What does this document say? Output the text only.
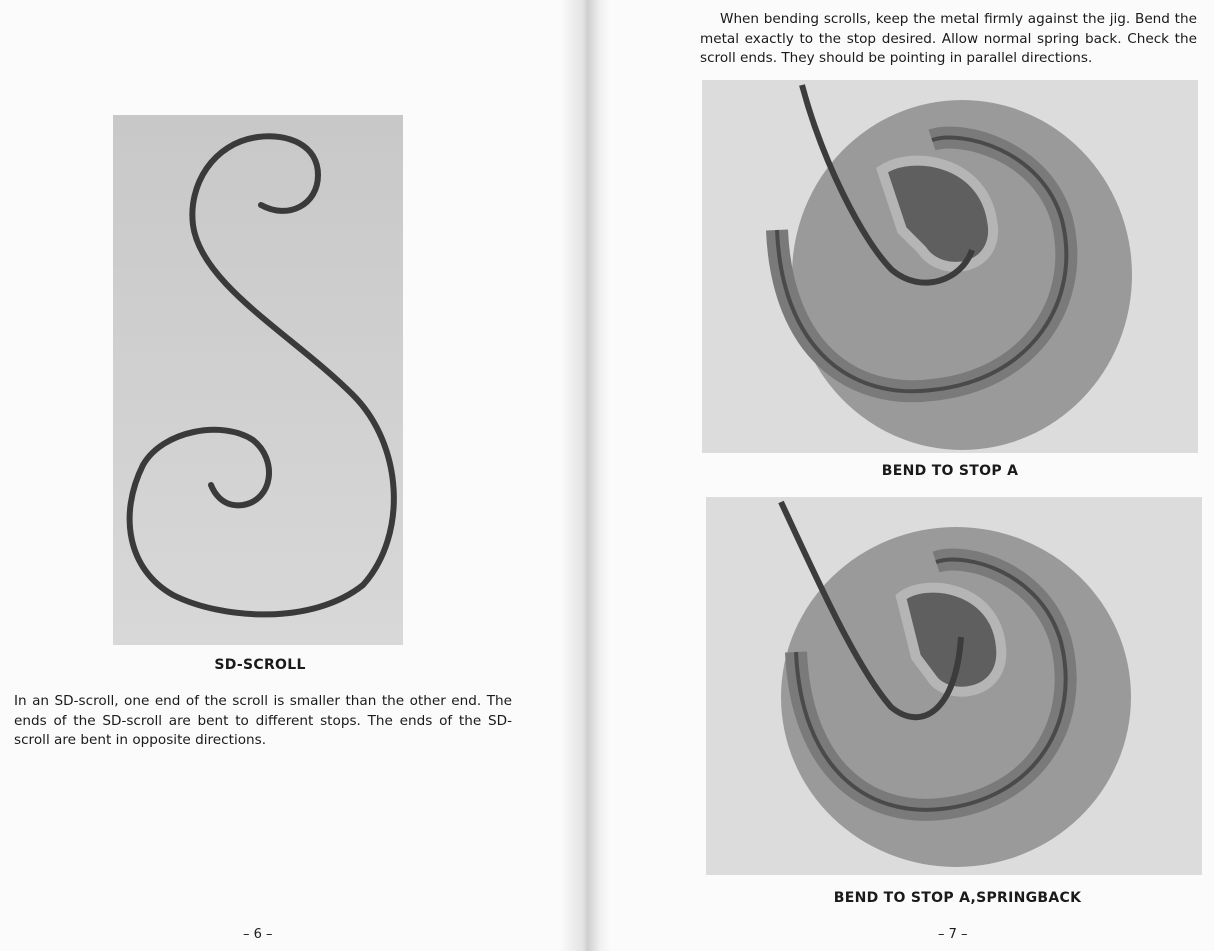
SD-SCROLL
In an SD-scroll, one end of the scroll is smaller than the other end. The ends of the SD-scroll are bent to different stops. The ends of the SD-scroll are bent in opposite directions.
– 6 –
When bending scrolls, keep the metal firmly against the jig. Bend the metal exactly to the stop desired. Allow normal spring back. Check the scroll ends. They should be pointing in parallel directions.
BEND TO STOP A
BEND TO STOP A,SPRINGBACK
– 7 –
